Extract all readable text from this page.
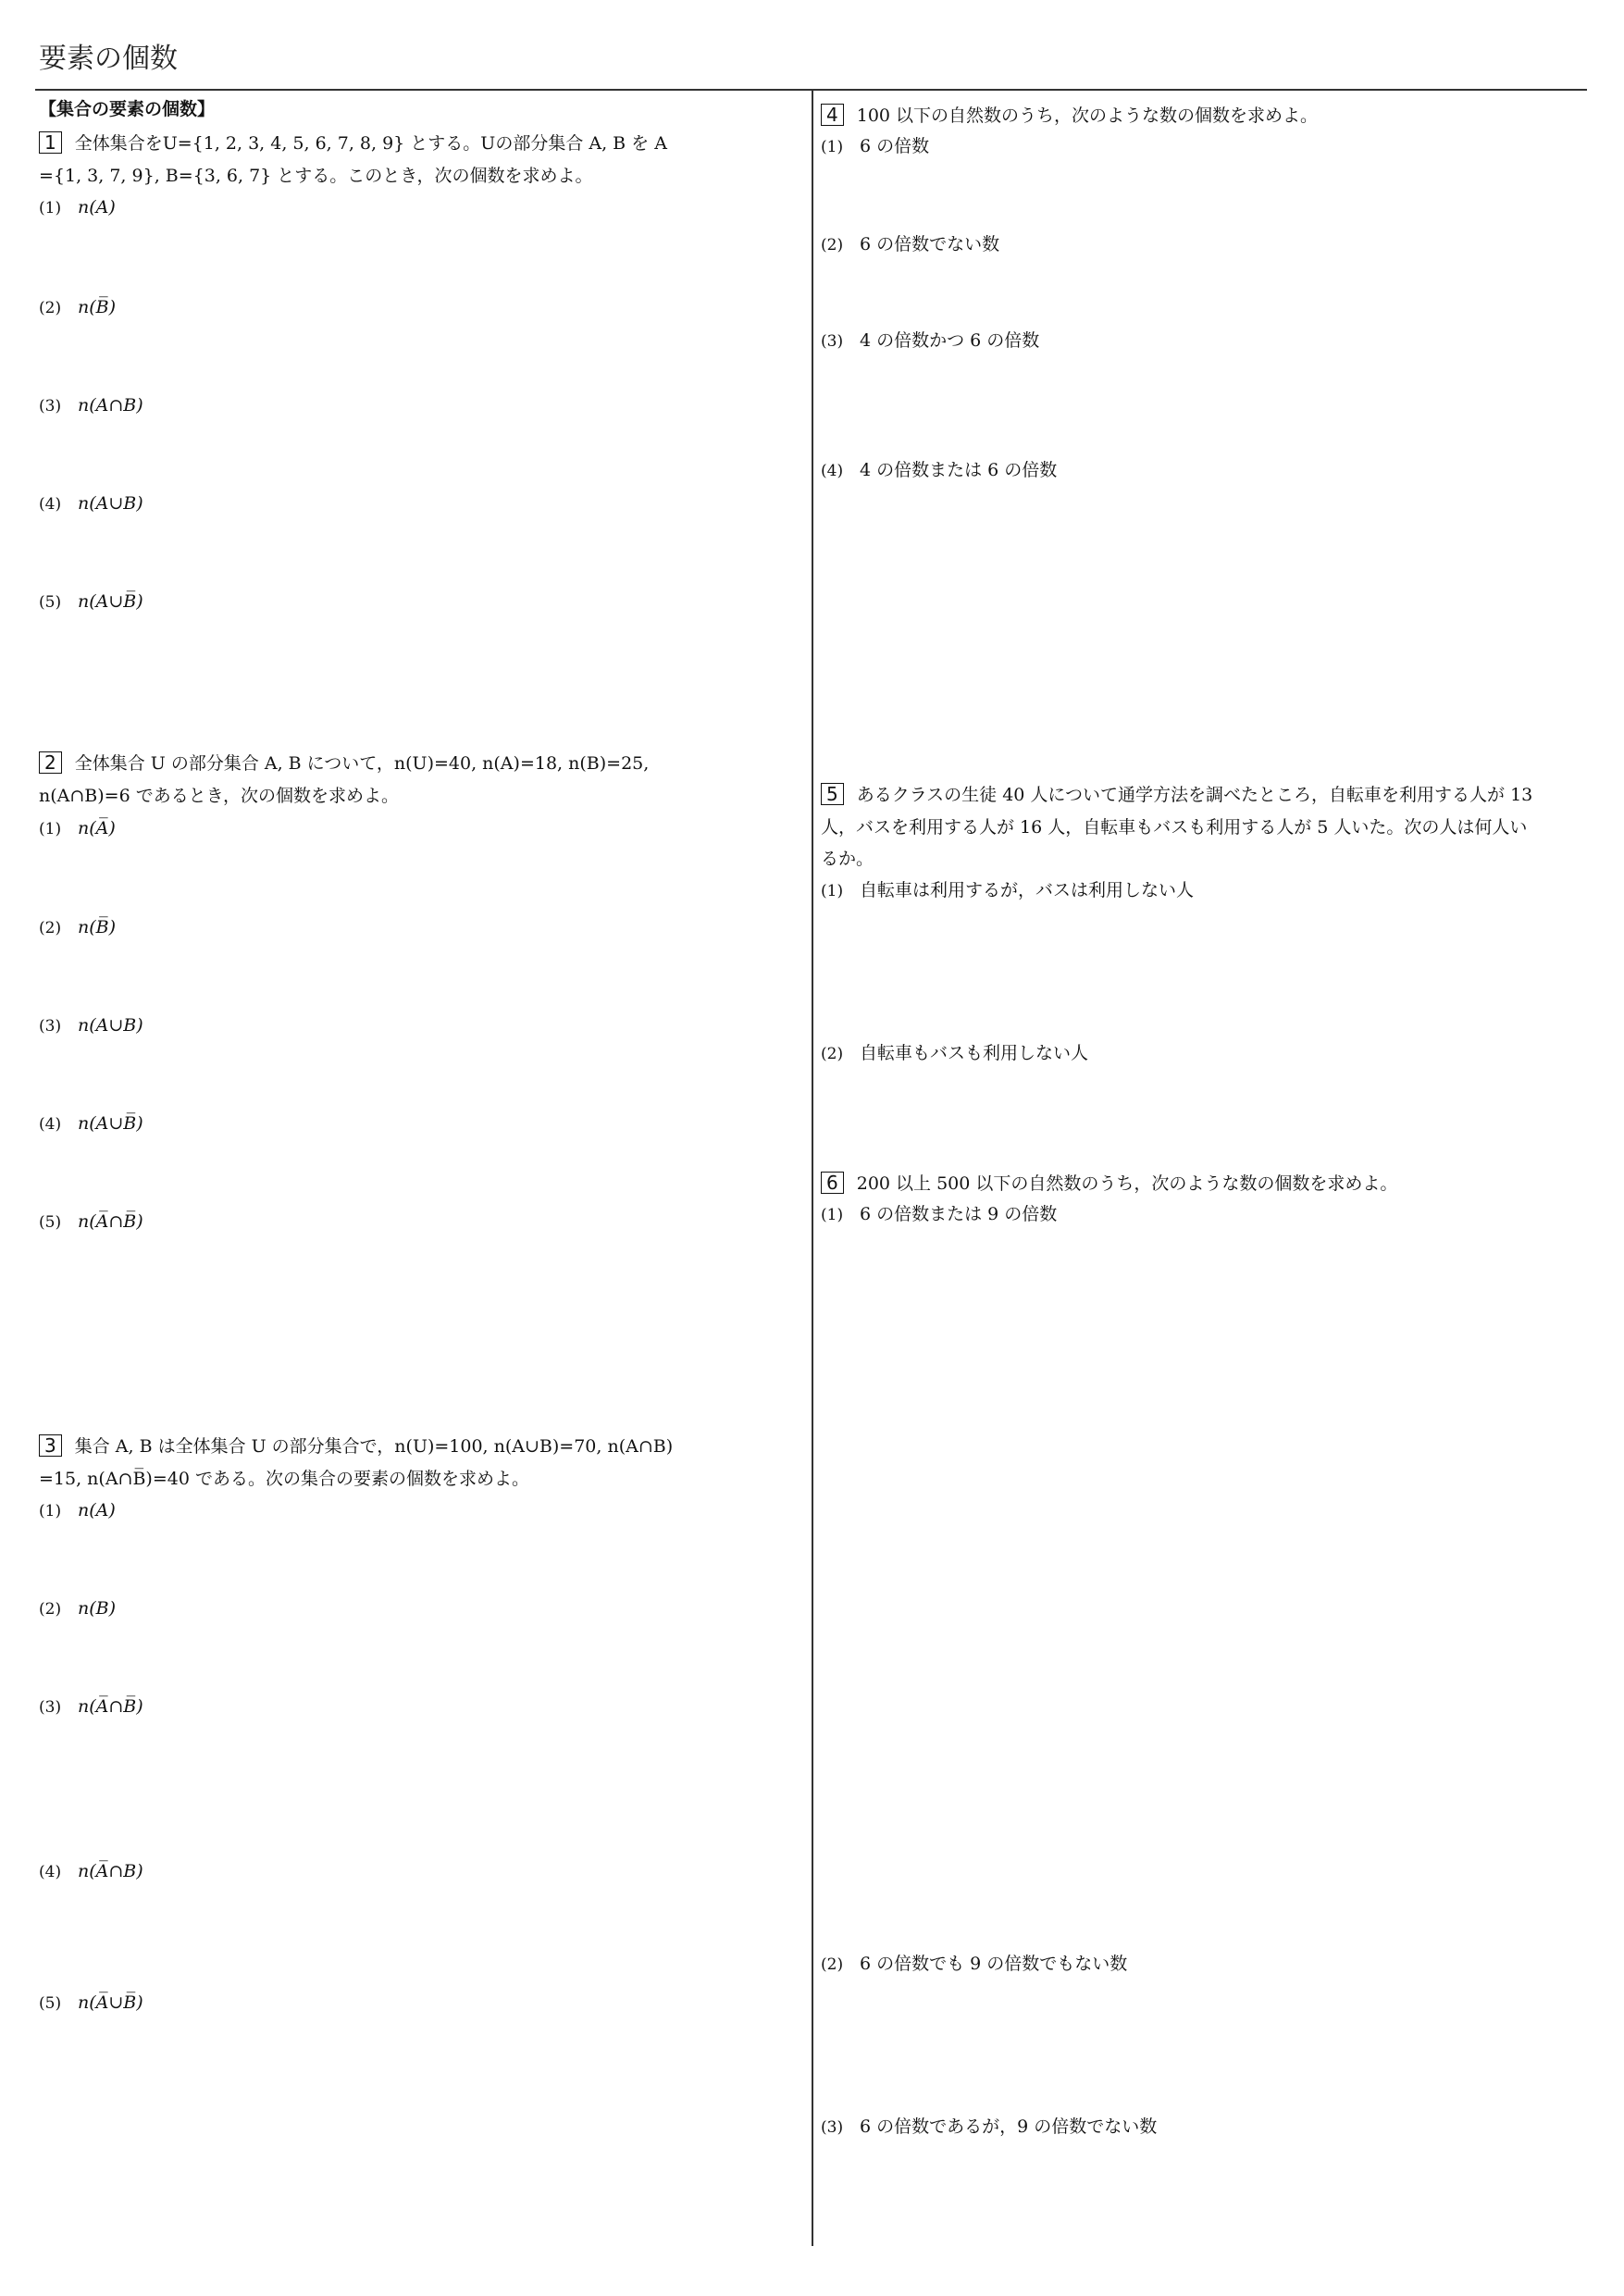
要素の個数
【集合の要素の個数】
1 全体集合をU={1, 2, 3, 4, 5, 6, 7, 8, 9} とする。Uの部分集合 A, B を A
={1, 3, 7, 9}, B={3, 6, 7} とする。このとき，次の個数を求めよ。
(1) n(A)
(2) n(B̅)
(3) n(A∩B)
(4) n(A∪B)
(5) n(A∪B̅)
2 全体集合 U の部分集合 A, B について，n(U)=40, n(A)=18, n(B)=25,
n(A∩B)=6 であるとき，次の個数を求めよ。
(1) n(A̅)
(2) n(B̅)
(3) n(A∪B)
(4) n(A∪B̅)
(5) n(A̅∩B̅)
3 集合 A, B は全体集合 U の部分集合で，n(U)=100, n(A∪B)=70, n(A∩B)
=15, n(A∩B̅)=40 である。次の集合の要素の個数を求めよ。
(1) n(A)
(2) n(B)
(3) n(A̅∩B̅)
(4) n(A̅∩B)
(5) n(A̅∪B̅)
4 100 以下の自然数のうち，次のような数の個数を求めよ。
(1) 6 の倍数
(2) 6 の倍数でない数
(3) 4 の倍数かつ 6 の倍数
(4) 4 の倍数または 6 の倍数
5 あるクラスの生徒 40 人について通学方法を調べたところ，自転車を利用する人が 13
人，バスを利用する人が 16 人，自転車もバスも利用する人が 5 人いた。次の人は何人い
るか。
(1) 自転車は利用するが，バスは利用しない人
(2) 自転車もバスも利用しない人
6 200 以上 500 以下の自然数のうち，次のような数の個数を求めよ。
(1) 6 の倍数または 9 の倍数
(2) 6 の倍数でも 9 の倍数でもない数
(3) 6 の倍数であるが，9 の倍数でない数
